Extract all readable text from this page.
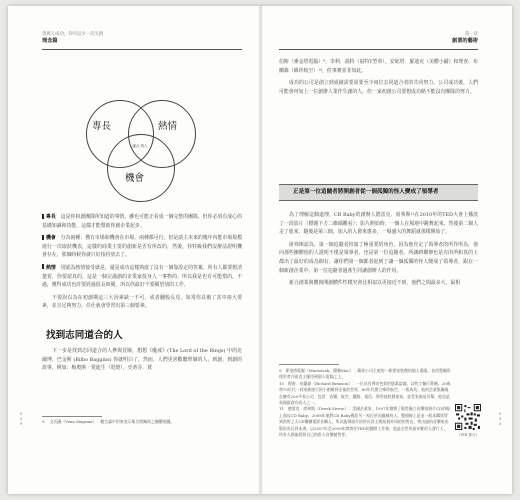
曾與人成功，你可以少一次失敗
理念篇
專長	熱情
機會
適合 的人

專長　 這是你和創團隊所知道的事情，雖也可能正看成一個完整的團隊，但你必須有成心的基礎知識和技能，這樣才能幫助你創企業起步。

機會　 分為兩種：獲有市場和機會在市場，兩種都可行。但是請主未來的幾年內能市場規模進行一次取狀機表，這樣的商業主要的創新是否有所改的，然後，你特級我們沒辦法證明機會存在，那個時候你就只好指持放去了。

熱情　 別認為熱情接受就是，還是成功這樣熟進了沒有一個靠設定的答案，所有人都要想清楚着，你要認真的，這是一個完滿創的企業家投身人一事物的，所以我是也有可能惜的，不過，獲得成功也許要經過很長時間，所以你最好不要願望別的工作。

不要誤以為在初創期這三大因素缺一不可，或者翻般長見，如常你具備了其中兩大要素，並且足夠努力，任仕就會學習出第三個要素。

找到志同道合的人
下一步是找到志同道合的人參與冒險，想想《魔戒》(The Lord of the Rings) 中的比爾博，巴金斯 (Bilbo Baggins) 你就明白了，然而，人們更喜歡聽單個的人，到創，到創的故事，例如：梅奧斯‧愛迪生（電燈），史蒂芬．賈
9 　文氏圖（Venn diagram）：數合論中用來表示集合間關係之圖體的圖。
0 2 9
第一章
創業的藝術

伯斯（麥金塔電腦）⁹，李利．福特（福特T型車），安妮塔．羅迪克（美體小鋪）和理查．布蘭森（維珍航空）¹⁰，但事實並非如此。

成功的公司是創立到成績需要需要至少兩位志同道合者的共同努力，公司成功後，人們可能會再加上一位創辦人業作生創的人，但一家初創公司要想成功絕不能沒有團隊的努力。

正是第一位追隨者將開創者從一個孤獨的怪人變成了領導者

為了理解這個道理，CB Baby的創辦人德雷克．席弗斯¹¹在2010年的TED大會上播放了一段影片（標題下方二維碼觀看）：影片開始時，一個人在場地中跳舞起來，然後第二個人走了進來，隨後是第三個，加入的人愈來愈多，一場盛大的舞蹈就那樣開始了。

席弗斯認為，第一個追隨者扮演了極重要的角色，因為他肯定了領導者的所作所為，他向那些團體他的人證明不僅是領導者，也是第一位追隨者，所讓跨聯辦也是有的所和真的上都出了最好的成為個有，讓你們第一個都者起到了讓一個孤獨的怪人變成了領導者，跟在一個新創企業中，第一位追隨者過產生同讓創辦人的作用。

新合創業與體與開創體件性模究會比相似以更接近不到，他們之間最多大，最相

9　麥金塔電腦（Macintosh，簡稱Mac）：蘋果公司主產的一新建家裝創的個人電腦，首次將圖形使用者介面直主應用到個人電腦之上。
10　理查．布蘭森（Richard Branson）：一位具有傳奇色彩的億萬富翁，以特立獨行著稱。20歲和70年代一同家族旅行的小創辦到企業的世界，80年代建立維珍航空，一般成功，他的企業集團現在擁有200多家公司，包括：音樂、航空、鐵路、電信、那些他投創業家，並受家族是另輩，他也是英國最富有的人之一。
11　德雷克．席弗斯（Derek Sivers）：美國企業家，1997年創辦了販售獨立音樂家唱片CD的線上商店CD Baby。2008年他將CD Baby賣給另一家位於同處線的人，整個線上是並一般本購買得到的所之人CD樂團電影音樂人，所以能與唱片的所長員主開拓個外同的的售出，曾出過的音樂家出版的為目到本書，以2007年至2009年間曾任TED的國際工作會，他是全世界最年輕的人發行人，所有人都能經營自己的私人音樂銷售等。	（TED 影片）
0 3 0
